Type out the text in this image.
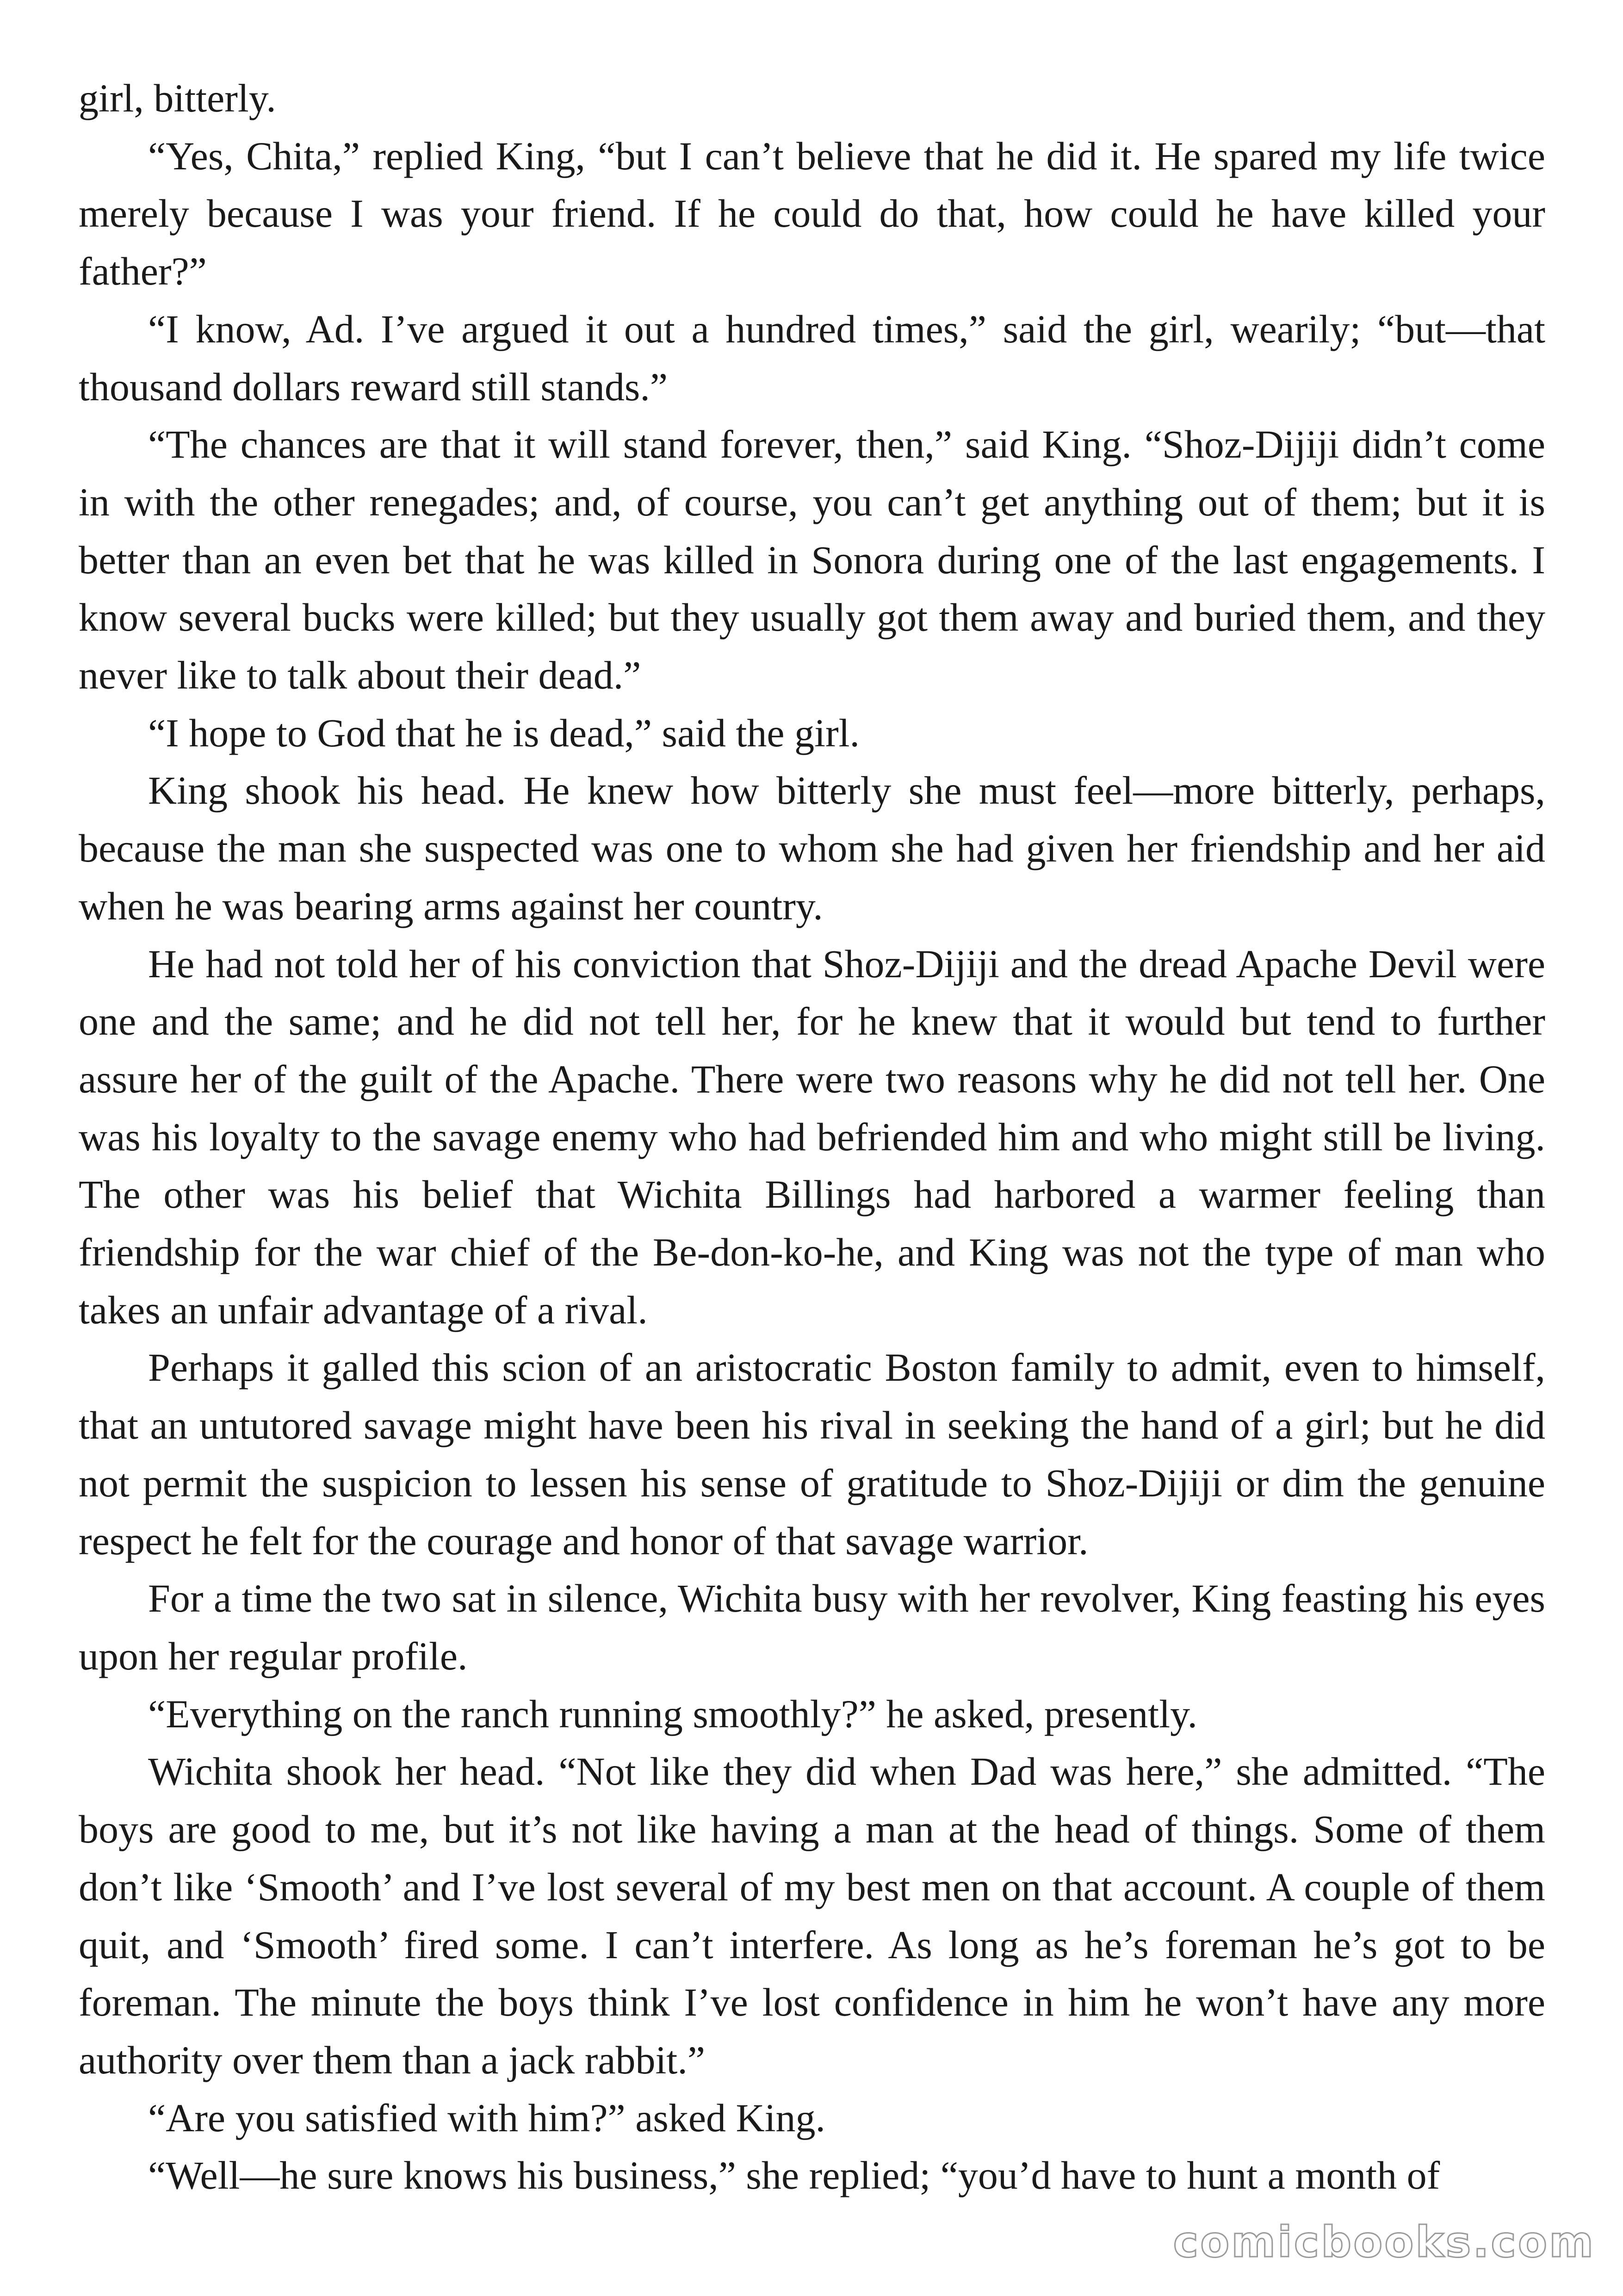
girl, bitterly.

“Yes, Chita,” replied King, “but I can’t believe that he did it. He spared my life twice merely because I was your friend. If he could do that, how could he have killed your father?”

“I know, Ad. I’ve argued it out a hundred times,” said the girl, wearily; “but—that thousand dollars reward still stands.”

“The chances are that it will stand forever, then,” said King. “Shoz-Dijiji didn’t come in with the other renegades; and, of course, you can’t get anything out of them; but it is better than an even bet that he was killed in Sonora during one of the last engagements. I know several bucks were killed; but they usually got them away and buried them, and they never like to talk about their dead.”

“I hope to God that he is dead,” said the girl.

King shook his head. He knew how bitterly she must feel—more bitterly, perhaps, because the man she suspected was one to whom she had given her friendship and her aid when he was bearing arms against her country.

He had not told her of his conviction that Shoz-Dijiji and the dread Apache Devil were one and the same; and he did not tell her, for he knew that it would but tend to further assure her of the guilt of the Apache. There were two reasons why he did not tell her. One was his loyalty to the savage enemy who had befriended him and who might still be living. The other was his belief that Wichita Billings had harbored a warmer feeling than friendship for the war chief of the Be-don-ko-he, and King was not the type of man who takes an unfair advantage of a rival.

Perhaps it galled this scion of an aristocratic Boston family to admit, even to himself, that an untutored savage might have been his rival in seeking the hand of a girl; but he did not permit the suspicion to lessen his sense of gratitude to Shoz-Dijiji or dim the genuine respect he felt for the courage and honor of that savage warrior.

For a time the two sat in silence, Wichita busy with her revolver, King feasting his eyes upon her regular profile.

“Everything on the ranch running smoothly?” he asked, presently.

Wichita shook her head. “Not like they did when Dad was here,” she admitted. “The boys are good to me, but it’s not like having a man at the head of things. Some of them don’t like ‘Smooth’ and I’ve lost several of my best men on that account. A couple of them quit, and ‘Smooth’ fired some. I can’t interfere. As long as he’s foreman he’s got to be foreman. The minute the boys think I’ve lost confidence in him he won’t have any more authority over them than a jack rabbit.”

“Are you satisfied with him?” asked King.

“Well—he sure knows his business,” she replied; “you’d have to hunt a month of

comicbooks.com
